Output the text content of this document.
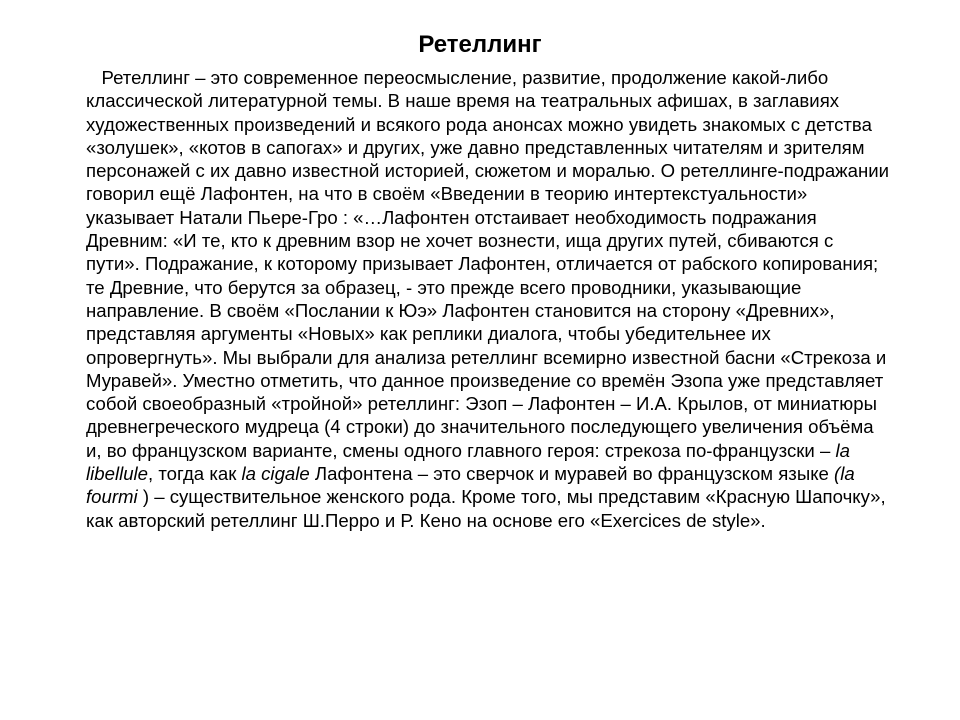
Ретеллинг
Ретеллинг – это современное переосмысление, развитие, продолжение какой-либо
классической литературной темы. В наше время на театральных афишах, в заглавиях
художественных произведений и всякого рода анонсах можно увидеть знакомых с детства
«золушек», «котов в сапогах» и других, уже давно представленных читателям и зрителям
персонажей с их давно известной историей, сюжетом и моралью. О ретеллинге-подражании
говорил ещё Лафонтен, на что в своём «Введении в теорию интертекстуальности»
указывает Натали Пьере-Гро : «…Лафонтен отстаивает необходимость подражания
Древним: «И те, кто к древним взор не хочет вознести, ища других путей, сбиваются с
пути». Подражание, к которому призывает Лафонтен, отличается от рабского копирования;
те Древние, что берутся за образец, - это прежде всего проводники, указывающие
направление. В своём «Послании к Юэ» Лафонтен становится на сторону «Древних»,
представляя аргументы «Новых» как реплики диалога, чтобы убедительнее их
опровергнуть». Мы выбрали для анализа ретеллинг всемирно известной басни «Стрекоза и
Муравей». Уместно отметить, что данное произведение со времён Эзопа уже представляет
собой своеобразный «тройной» ретеллинг: Эзоп – Лафонтен – И.А. Крылов, от миниатюры
древнегреческого мудреца (4 строки) до значительного последующего увеличения объёма
и, во французском варианте, смены одного главного героя: стрекоза по-французски – la
libellule, тогда как la cigale Лафонтена – это сверчок и муравей во французском языке (la
fourmi ) – существительное женского рода. Кроме того, мы представим «Красную Шапочку»,
как авторский ретеллинг Ш.Перро и Р. Кено на основе его «Exercices de style».
